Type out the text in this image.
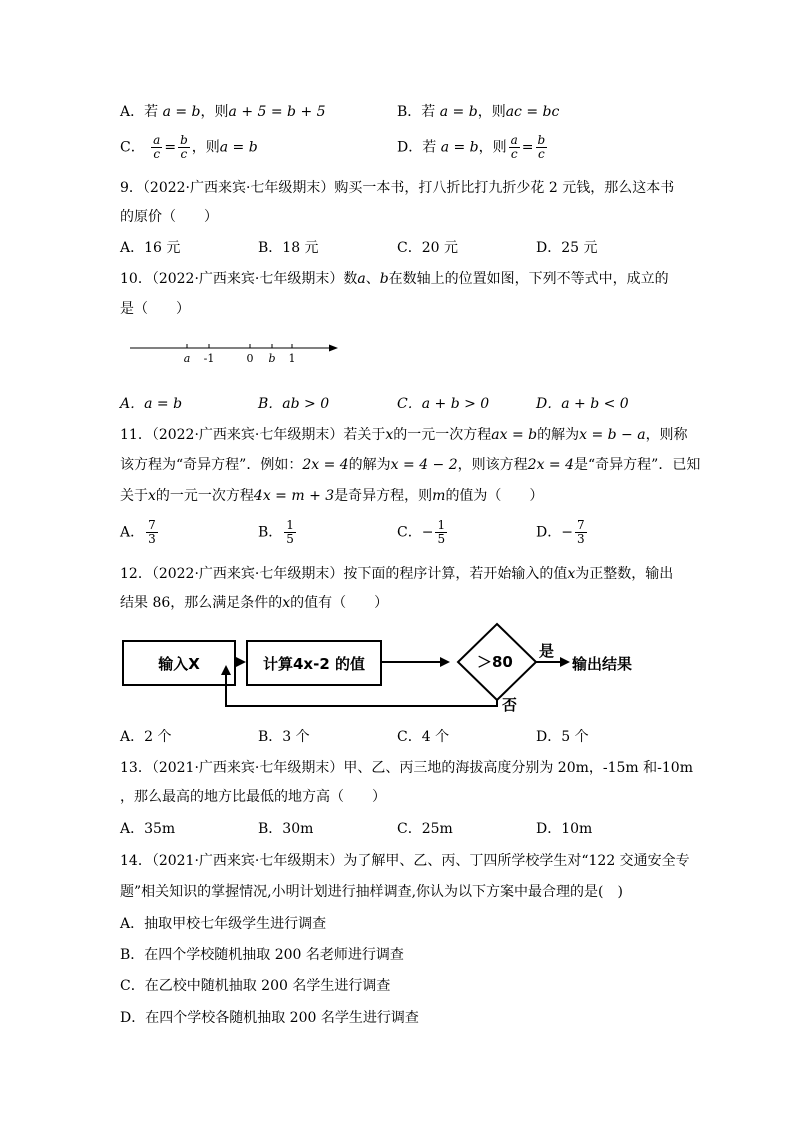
A．若 a = b，则a + 5 = b + 5	B．若 a = b，则ac = bc
C． $\frac{a}{c} = \frac{b}{c}$ ，则a = b	D．若 a = b，则 $\frac{a}{c} = \frac{b}{c}$
9．（2022·广西来宾·七年级期末）购买一本书，打八折比打九折少花 2 元钱，那么这本书
的原价（　　）
A．16 元	B．18 元	C．20 元	D．25 元
10．（2022·广西来宾·七年级期末）数a、b在数轴上的位置如图，下列不等式中，成立的
是（　　）
a -1	0 b 1
A．a = b	B．ab > 0	C．a + b > 0	D．a + b < 0
11．（2022·广西来宾·七年级期末）若关于x的一元一次方程ax = b的解为x = b − a，则称
该方程为“奇异方程”．例如：2x = 4的解为x = 4 − 2，则该方程2x = 4是“奇异方程”．已知
关于x的一元一次方程4x = m + 3是奇异方程，则m的值为（　　）
A． $\frac{7}{3}$	B． $\frac{1}{5}$	C．− $\frac{1}{5}$	D．− $\frac{7}{3}$
12．（2022·广西来宾·七年级期末）按下面的程序计算，若开始输入的值x为正整数，输出
结果 86，那么满足条件的x的值有（　　）
输入X	计算4x-2 的值	＞80
是
输出结果
否
A．2 个	B．3 个	C．4 个	D．5 个
13．（2021·广西来宾·七年级期末）甲、乙、丙三地的海拔高度分别为 20m，-15m 和-10m
，那么最高的地方比最低的地方高（　　）
A．35m	B．30m	C．25m	D．10m
14．（2021·广西来宾·七年级期末）为了解甲、乙、丙、丁四所学校学生对“122 交通安全专
题”相关知识的掌握情况,小明计划进行抽样调查,你认为以下方案中最合理的是(　)
A．抽取甲校七年级学生进行调查
B．在四个学校随机抽取 200 名老师进行调查
C．在乙校中随机抽取 200 名学生进行调查
D．在四个学校各随机抽取 200 名学生进行调查
